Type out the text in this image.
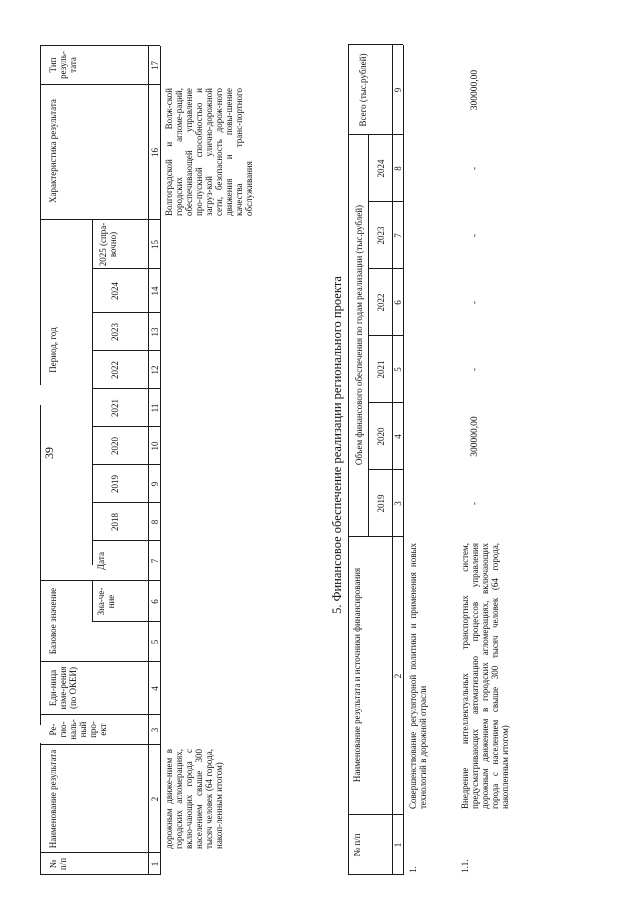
39
№ п/п
Наименование результата
Ре-гио-наль-ный про-ект
Еди-ница изме-рения (по ОКЕИ)
Базовое значение	Зна-че-ние
Дата
Период, год
2018
2019
2020
2021
2022
2023
2024
2025 (спра-вочно)
Характеристика результата
Тип резуль-тата
1
2
3
4
5
6
7
8
9
10
11
12
13
14
15
16
17
дорожным движе-нием в городских агломерациях, вклю-чающих города с населением свыше 300 тысяч человек (64 города, накоп-ленным итогом)
Волгоградской и Волж-ской городских агломе-раций, обеспечивающей управление про-пускной способностью и загруз-кой улично-дорожной сети, безопасность дорож-ного движения и повы-шение качества транс-портного обслуживания
5. Финансовое обеспечение реализации регионального проекта
№ п/п
Наименование результата и источники финансирования
Объем финансового обеспечения по годам реализации (тыс.рублей)
2019
2020
2021
2022
2023
2024
Всего (тыс.рублей)
1
2
3
4
5
6
7
8
9
1.
Совершенствование регуляторной политики и применения новых технологий в дорожной отрасли
1.1.
Внедрение интеллектуальных транспортных систем, предусматривающих автоматизацию процессов управления дорожным движением в городских агломерациях, включающих города с населением свыше 300 тысяч человек (64 города, накопленным итогом)
-
300000,00
-
-
-
-
300000,00
